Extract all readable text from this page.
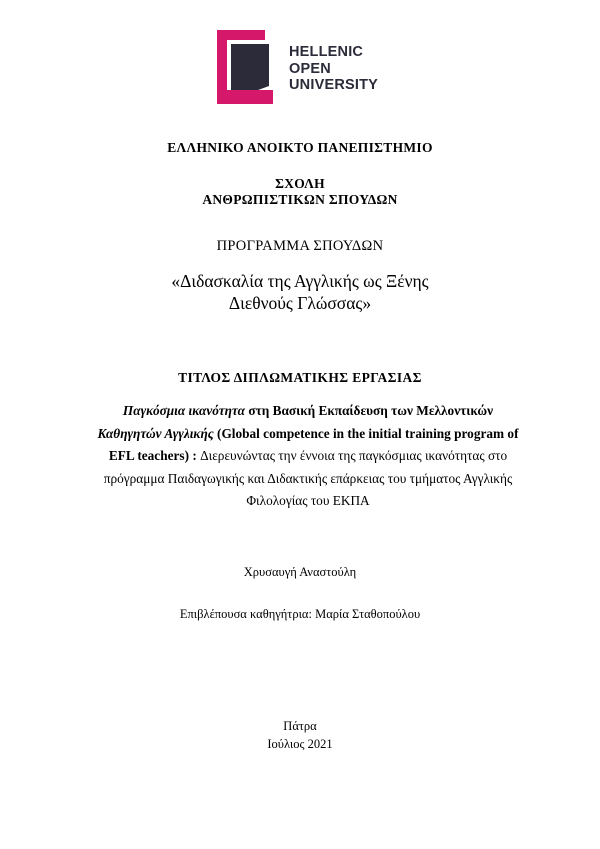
HELLENIC
OPEN
UNIVERSITY
ΕΛΛΗΝΙΚΟ ΑΝΟΙΚΤΟ ΠΑΝΕΠΙΣΤΗΜΙΟ
ΣΧΟΛΗ
ΑΝΘΡΩΠΙΣΤΙΚΩΝ ΣΠΟΥΔΩΝ
ΠΡΟΓΡΑΜΜΑ ΣΠΟΥΔΩΝ
«Διδασκαλία της Αγγλικής ως Ξένης
Διεθνούς Γλώσσας»
ΤΙΤΛΟΣ ΔΙΠΛΩΜΑΤΙΚΗΣ ΕΡΓΑΣΙΑΣ
Παγκόσμια ικανότητα στη Βασική Εκπαίδευση των Μελλοντικών Καθηγητών Αγγλικής (Global competence in the initial training program of EFL teachers) : Διερευνώντας την έννοια της παγκόσμιας ικανότητας στο πρόγραμμα Παιδαγωγικής και Διδακτικής επάρκειας του τμήματος Αγγλικής Φιλολογίας του ΕΚΠΑ
Χρυσαυγή Αναστούλη
Επιβλέπουσα καθηγήτρια: Μαρία Σταθοπούλου
Πάτρα
Ιούλιος 2021
